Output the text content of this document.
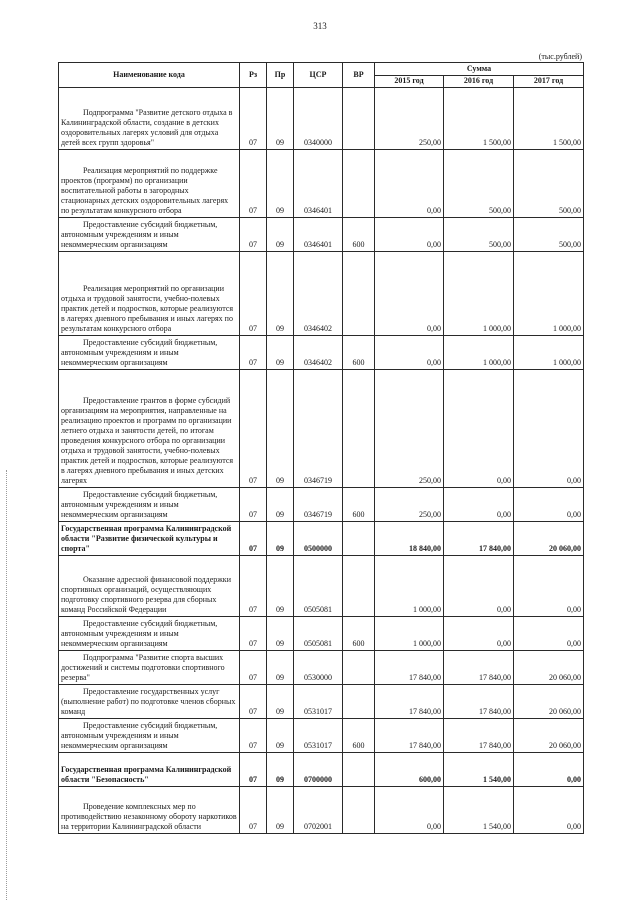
313
(тыс.рублей)
Наименование кода	Рз	Пр	ЦСР	ВР	Сумма		
					2015 год	2016 год	2017 год

Подпрограмма "Развитие детского отдыха в Калининградской области, создание в детских оздоровительных лагерях условий для отдыха детей всех групп здоровья"	07	09	0340000		250,00	1 500,00	1 500,00

Реализация мероприятий по поддержке проектов (программ) по организации воспитательной работы в загородных стационарных детских оздоровительных лагерях по результатам конкурсного отбора	07	09	0346401		0,00	500,00	500,00

Предоставление субсидий бюджетным, автономным учреждениям и иным некоммерческим организациям	07	09	0346401	600	0,00	500,00	500,00

Реализация мероприятий по организации отдыха и трудовой занятости, учебно-полевых практик детей и подростков, которые реализуются в лагерях дневного пребывания и иных лагерях по результатам конкурсного отбора	07	09	0346402		0,00	1 000,00	1 000,00

Предоставление субсидий бюджетным, автономным учреждениям и иным некоммерческим организациям	07	09	0346402	600	0,00	1 000,00	1 000,00

Предоставление грантов в форме субсидий организациям на мероприятия, направленные на реализацию проектов и программ по организации летнего отдыха и занятости детей, по итогам проведения конкурсного отбора по организации отдыха и трудовой занятости, учебно-полевых практик детей и подростков, которые реализуются в лагерях дневного пребывания и иных детских лагерях	07	09	0346719		250,00	0,00	0,00

Предоставление субсидий бюджетным, автономным учреждениям и иным некоммерческим организациям	07	09	0346719	600	250,00	0,00	0,00

Государственная программа Калининградской области "Развитие физической культуры и спорта"	07	09	0500000		18 840,00	17 840,00	20 060,00

Оказание адресной финансовой поддержки спортивных организаций, осуществляющих подготовку спортивного резерва для сборных команд Российской Федерации	07	09	0505081		1 000,00	0,00	0,00

Предоставление субсидий бюджетным, автономным учреждениям и иным некоммерческим организациям	07	09	0505081	600	1 000,00	0,00	0,00

Подпрограмма "Развитие спорта высших достижений и системы подготовки спортивного резерва"	07	09	0530000		17 840,00	17 840,00	20 060,00

Предоставление государственных услуг (выполнение работ) по подготовке членов сборных команд	07	09	0531017		17 840,00	17 840,00	20 060,00

Предоставление субсидий бюджетным, автономным учреждениям и иным некоммерческим организациям	07	09	0531017	600	17 840,00	17 840,00	20 060,00

Государственная программа Калининградской области "Безопасность"	07	09	0700000		600,00	1 540,00	0,00

Проведение комплексных мер по противодействию незаконному обороту наркотиков на территории Калининградской области	07	09	0702001		0,00	1 540,00	0,00
